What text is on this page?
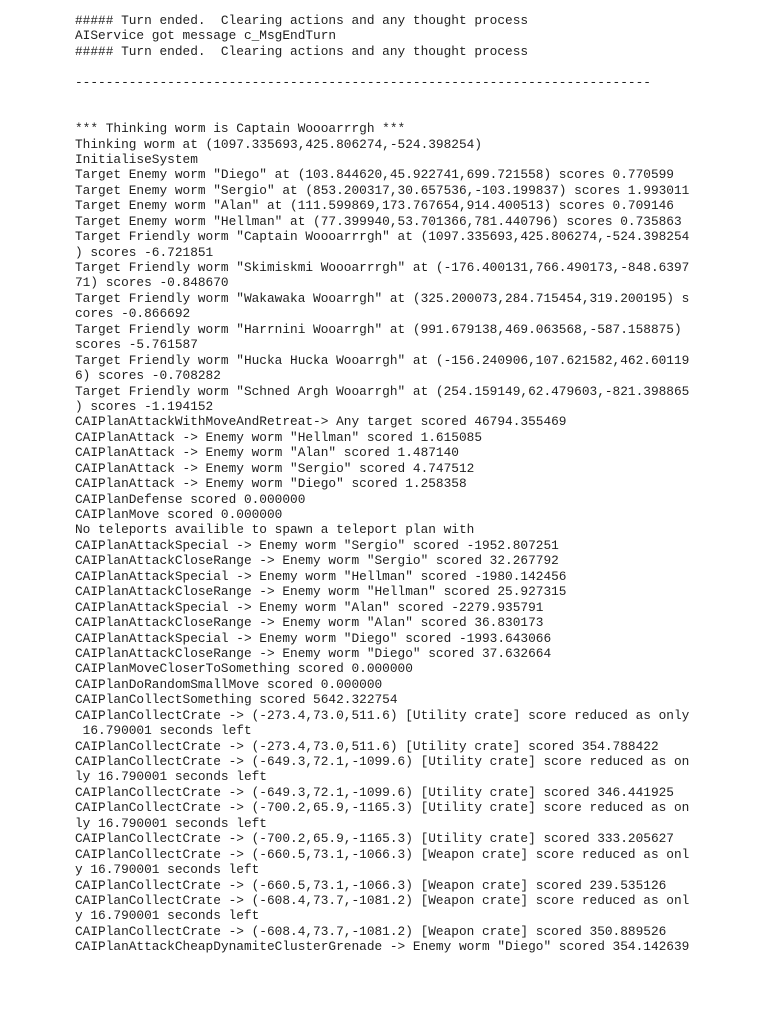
##### Turn ended.  Clearing actions and any thought process
AIService got message c_MsgEndTurn
##### Turn ended.  Clearing actions and any thought process

---------------------------------------------------------------------------

*** Thinking worm is Captain Woooarrrgh ***
Thinking worm at (1097.335693,425.806274,-524.398254)
InitialiseSystem
Target Enemy worm "Diego" at (103.844620,45.922741,699.721558) scores 0.770599
Target Enemy worm "Sergio" at (853.200317,30.657536,-103.199837) scores 1.993011
Target Enemy worm "Alan" at (111.599869,173.767654,914.400513) scores 0.709146
Target Enemy worm "Hellman" at (77.399940,53.701366,781.440796) scores 0.735863
Target Friendly worm "Captain Woooarrrgh" at (1097.335693,425.806274,-524.398254
) scores -6.721851
Target Friendly worm "Skimiskmi Woooarrrgh" at (-176.400131,766.490173,-848.6397
71) scores -0.848670
Target Friendly worm "Wakawaka Wooarrgh" at (325.200073,284.715454,319.200195) s
cores -0.866692
Target Friendly worm "Harrnini Wooarrgh" at (991.679138,469.063568,-587.158875)
scores -5.761587
Target Friendly worm "Hucka Hucka Wooarrgh" at (-156.240906,107.621582,462.60119
6) scores -0.708282
Target Friendly worm "Schned Argh Wooarrgh" at (254.159149,62.479603,-821.398865
) scores -1.194152
CAIPlanAttackWithMoveAndRetreat-> Any target scored 46794.355469
CAIPlanAttack -> Enemy worm "Hellman" scored 1.615085
CAIPlanAttack -> Enemy worm "Alan" scored 1.487140
CAIPlanAttack -> Enemy worm "Sergio" scored 4.747512
CAIPlanAttack -> Enemy worm "Diego" scored 1.258358
CAIPlanDefense scored 0.000000
CAIPlanMove scored 0.000000
No teleports availible to spawn a teleport plan with
CAIPlanAttackSpecial -> Enemy worm "Sergio" scored -1952.807251
CAIPlanAttackCloseRange -> Enemy worm "Sergio" scored 32.267792
CAIPlanAttackSpecial -> Enemy worm "Hellman" scored -1980.142456
CAIPlanAttackCloseRange -> Enemy worm "Hellman" scored 25.927315
CAIPlanAttackSpecial -> Enemy worm "Alan" scored -2279.935791
CAIPlanAttackCloseRange -> Enemy worm "Alan" scored 36.830173
CAIPlanAttackSpecial -> Enemy worm "Diego" scored -1993.643066
CAIPlanAttackCloseRange -> Enemy worm "Diego" scored 37.632664
CAIPlanMoveCloserToSomething scored 0.000000
CAIPlanDoRandomSmallMove scored 0.000000
CAIPlanCollectSomething scored 5642.322754
CAIPlanCollectCrate -> (-273.4,73.0,511.6) [Utility crate] score reduced as only
16.790001 seconds left
CAIPlanCollectCrate -> (-273.4,73.0,511.6) [Utility crate] scored 354.788422
CAIPlanCollectCrate -> (-649.3,72.1,-1099.6) [Utility crate] score reduced as on
ly 16.790001 seconds left
CAIPlanCollectCrate -> (-649.3,72.1,-1099.6) [Utility crate] scored 346.441925
CAIPlanCollectCrate -> (-700.2,65.9,-1165.3) [Utility crate] score reduced as on
ly 16.790001 seconds left
CAIPlanCollectCrate -> (-700.2,65.9,-1165.3) [Utility crate] scored 333.205627
CAIPlanCollectCrate -> (-660.5,73.1,-1066.3) [Weapon crate] score reduced as onl
y 16.790001 seconds left
CAIPlanCollectCrate -> (-660.5,73.1,-1066.3) [Weapon crate] scored 239.535126
CAIPlanCollectCrate -> (-608.4,73.7,-1081.2) [Weapon crate] score reduced as onl
y 16.790001 seconds left
CAIPlanCollectCrate -> (-608.4,73.7,-1081.2) [Weapon crate] scored 350.889526
CAIPlanAttackCheapDynamiteClusterGrenade -> Enemy worm "Diego" scored 354.142639
